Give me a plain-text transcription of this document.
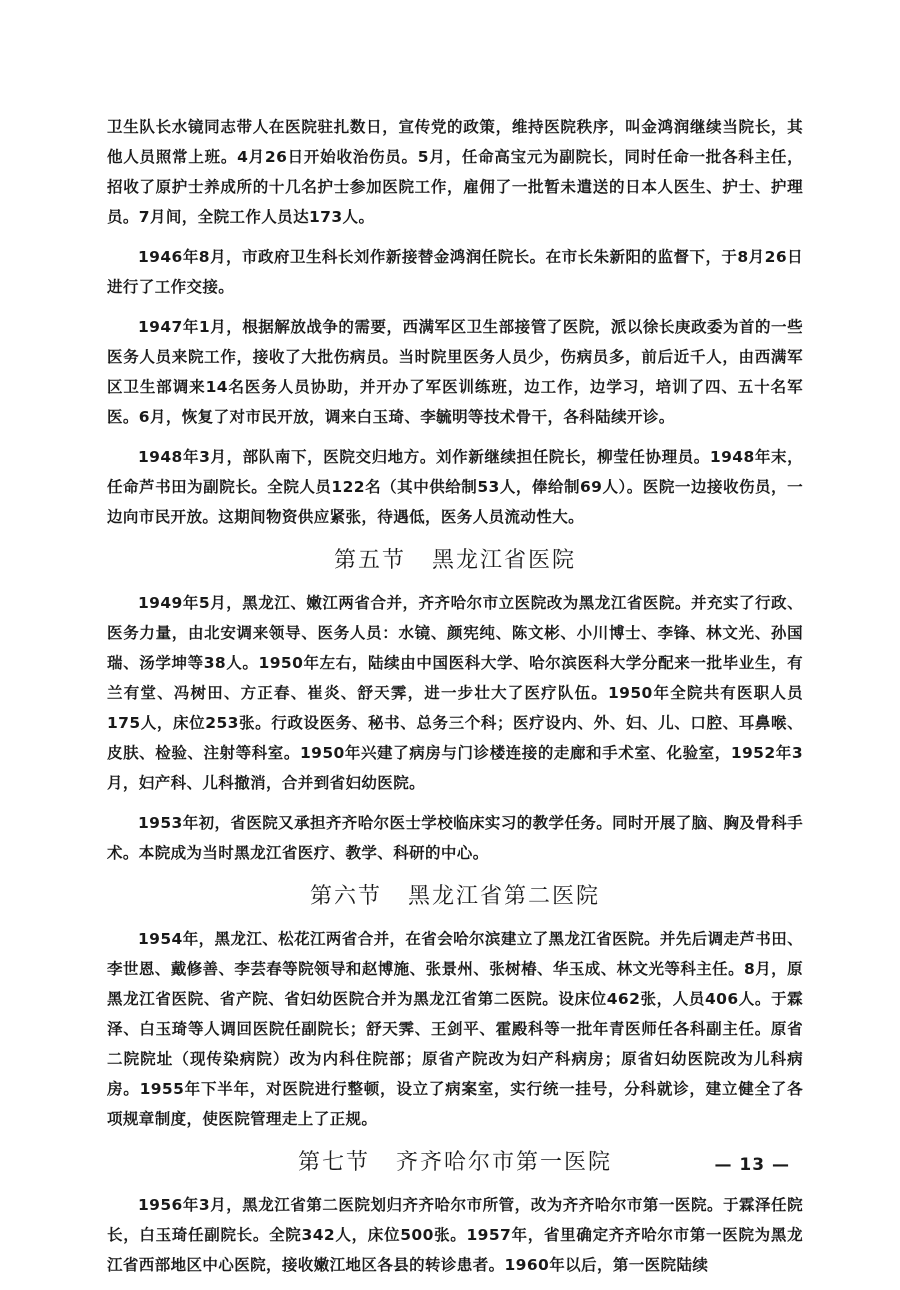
卫生队长水镜同志带人在医院驻扎数日，宣传党的政策，维持医院秩序，叫金鸿润继续当院长，其他人员照常上班。4月26日开始收治伤员。5月，任命高宝元为副院长，同时任命一批各科主任，招收了原护士养成所的十几名护士参加医院工作，雇佣了一批暂未遣送的日本人医生、护士、护理员。7月间，全院工作人员达173人。

1946年8月，市政府卫生科长刘作新接替金鸿润任院长。在市长朱新阳的监督下，于8月26日进行了工作交接。

1947年1月，根据解放战争的需要，西满军区卫生部接管了医院，派以徐长庚政委为首的一些医务人员来院工作，接收了大批伤病员。当时院里医务人员少，伤病员多，前后近千人，由西满军区卫生部调来14名医务人员协助，并开办了军医训练班，边工作，边学习，培训了四、五十名军医。6月，恢复了对市民开放，调来白玉琦、李毓明等技术骨干，各科陆续开诊。

1948年3月，部队南下，医院交归地方。刘作新继续担任院长，柳莹任协理员。1948年末，任命芦书田为副院长。全院人员122名（其中供给制53人，俸给制69人）。医院一边接收伤员，一边向市民开放。这期间物资供应紧张，待遇低，医务人员流动性大。

第五节 黑龙江省医院

1949年5月，黑龙江、嫩江两省合并，齐齐哈尔市立医院改为黑龙江省医院。并充实了行政、医务力量，由北安调来领导、医务人员：水镜、颜宪纯、陈文彬、小川博士、李锋、林文光、孙国瑞、汤学坤等38人。1950年左右，陆续由中国医科大学、哈尔滨医科大学分配来一批毕业生，有兰有堂、冯树田、方正春、崔炎、舒天霁，进一步壮大了医疗队伍。1950年全院共有医职人员175人，床位253张。行政设医务、秘书、总务三个科；医疗设内、外、妇、儿、口腔、耳鼻喉、皮肤、检验、注射等科室。1950年兴建了病房与门诊楼连接的走廊和手术室、化验室，1952年3月，妇产科、儿科撤消，合并到省妇幼医院。

1953年初，省医院又承担齐齐哈尔医士学校临床实习的教学任务。同时开展了脑、胸及骨科手术。本院成为当时黑龙江省医疗、教学、科研的中心。

第六节 黑龙江省第二医院

1954年，黑龙江、松花江两省合并，在省会哈尔滨建立了黑龙江省医院。并先后调走芦书田、李世恩、戴修善、李芸春等院领导和赵博施、张景州、张树椿、华玉成、林文光等科主任。8月，原黑龙江省医院、省产院、省妇幼医院合并为黑龙江省第二医院。设床位462张，人员406人。于霖泽、白玉琦等人调回医院任副院长；舒天霁、王剑平、霍殿科等一批年青医师任各科副主任。原省二院院址（现传染病院）改为内科住院部；原省产院改为妇产科病房；原省妇幼医院改为儿科病房。1955年下半年，对医院进行整顿，设立了病案室，实行统一挂号，分科就诊，建立健全了各项规章制度，使医院管理走上了正规。

第七节 齐齐哈尔市第一医院

1956年3月，黑龙江省第二医院划归齐齐哈尔市所管，改为齐齐哈尔市第一医院。于霖泽任院长，白玉琦任副院长。全院342人，床位500张。1957年，省里确定齐齐哈尔市第一医院为黑龙江省西部地区中心医院，接收嫩江地区各县的转诊患者。1960年以后，第一医院陆续

— 13 —
